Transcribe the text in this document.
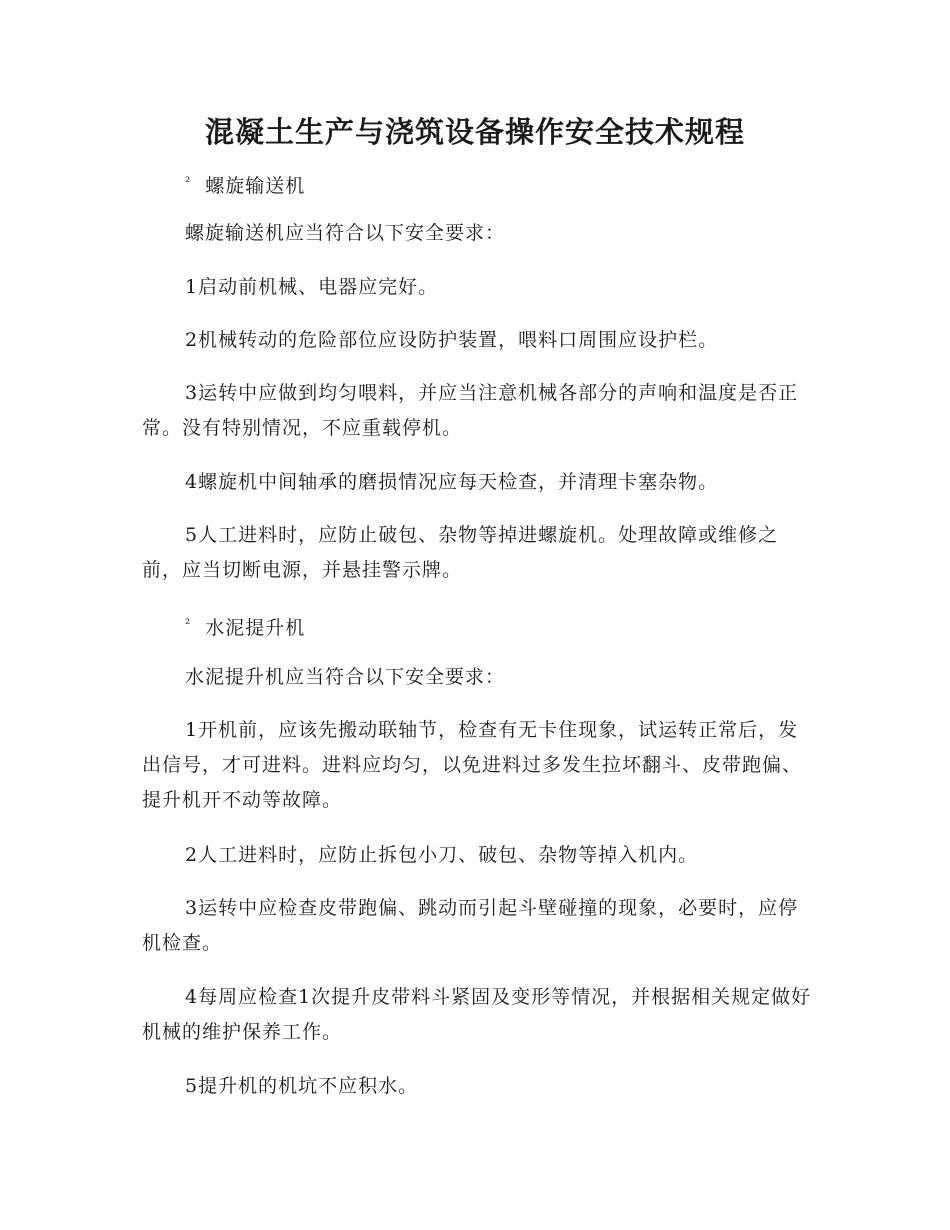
混凝土生产与浇筑设备操作安全技术规程

² 螺旋输送机

螺旋输送机应当符合以下安全要求：

1启动前机械、电器应完好。

2机械转动的危险部位应设防护装置，喂料口周围应设护栏。

3运转中应做到均匀喂料，并应当注意机械各部分的声响和温度是否正常。没有特别情况，不应重载停机。

4螺旋机中间轴承的磨损情况应每天检查，并清理卡塞杂物。

5人工进料时，应防止破包、杂物等掉进螺旋机。处理故障或维修之前，应当切断电源，并悬挂警示牌。

² 水泥提升机

水泥提升机应当符合以下安全要求：

1开机前，应该先搬动联轴节，检查有无卡住现象，试运转正常后，发出信号，才可进料。进料应均匀，以免进料过多发生拉坏翻斗、皮带跑偏、提升机开不动等故障。

2人工进料时，应防止拆包小刀、破包、杂物等掉入机内。

3运转中应检查皮带跑偏、跳动而引起斗壁碰撞的现象，必要时，应停机检查。

4每周应检查1次提升皮带料斗紧固及变形等情况，并根据相关规定做好机械的维护保养工作。

5提升机的机坑不应积水。
